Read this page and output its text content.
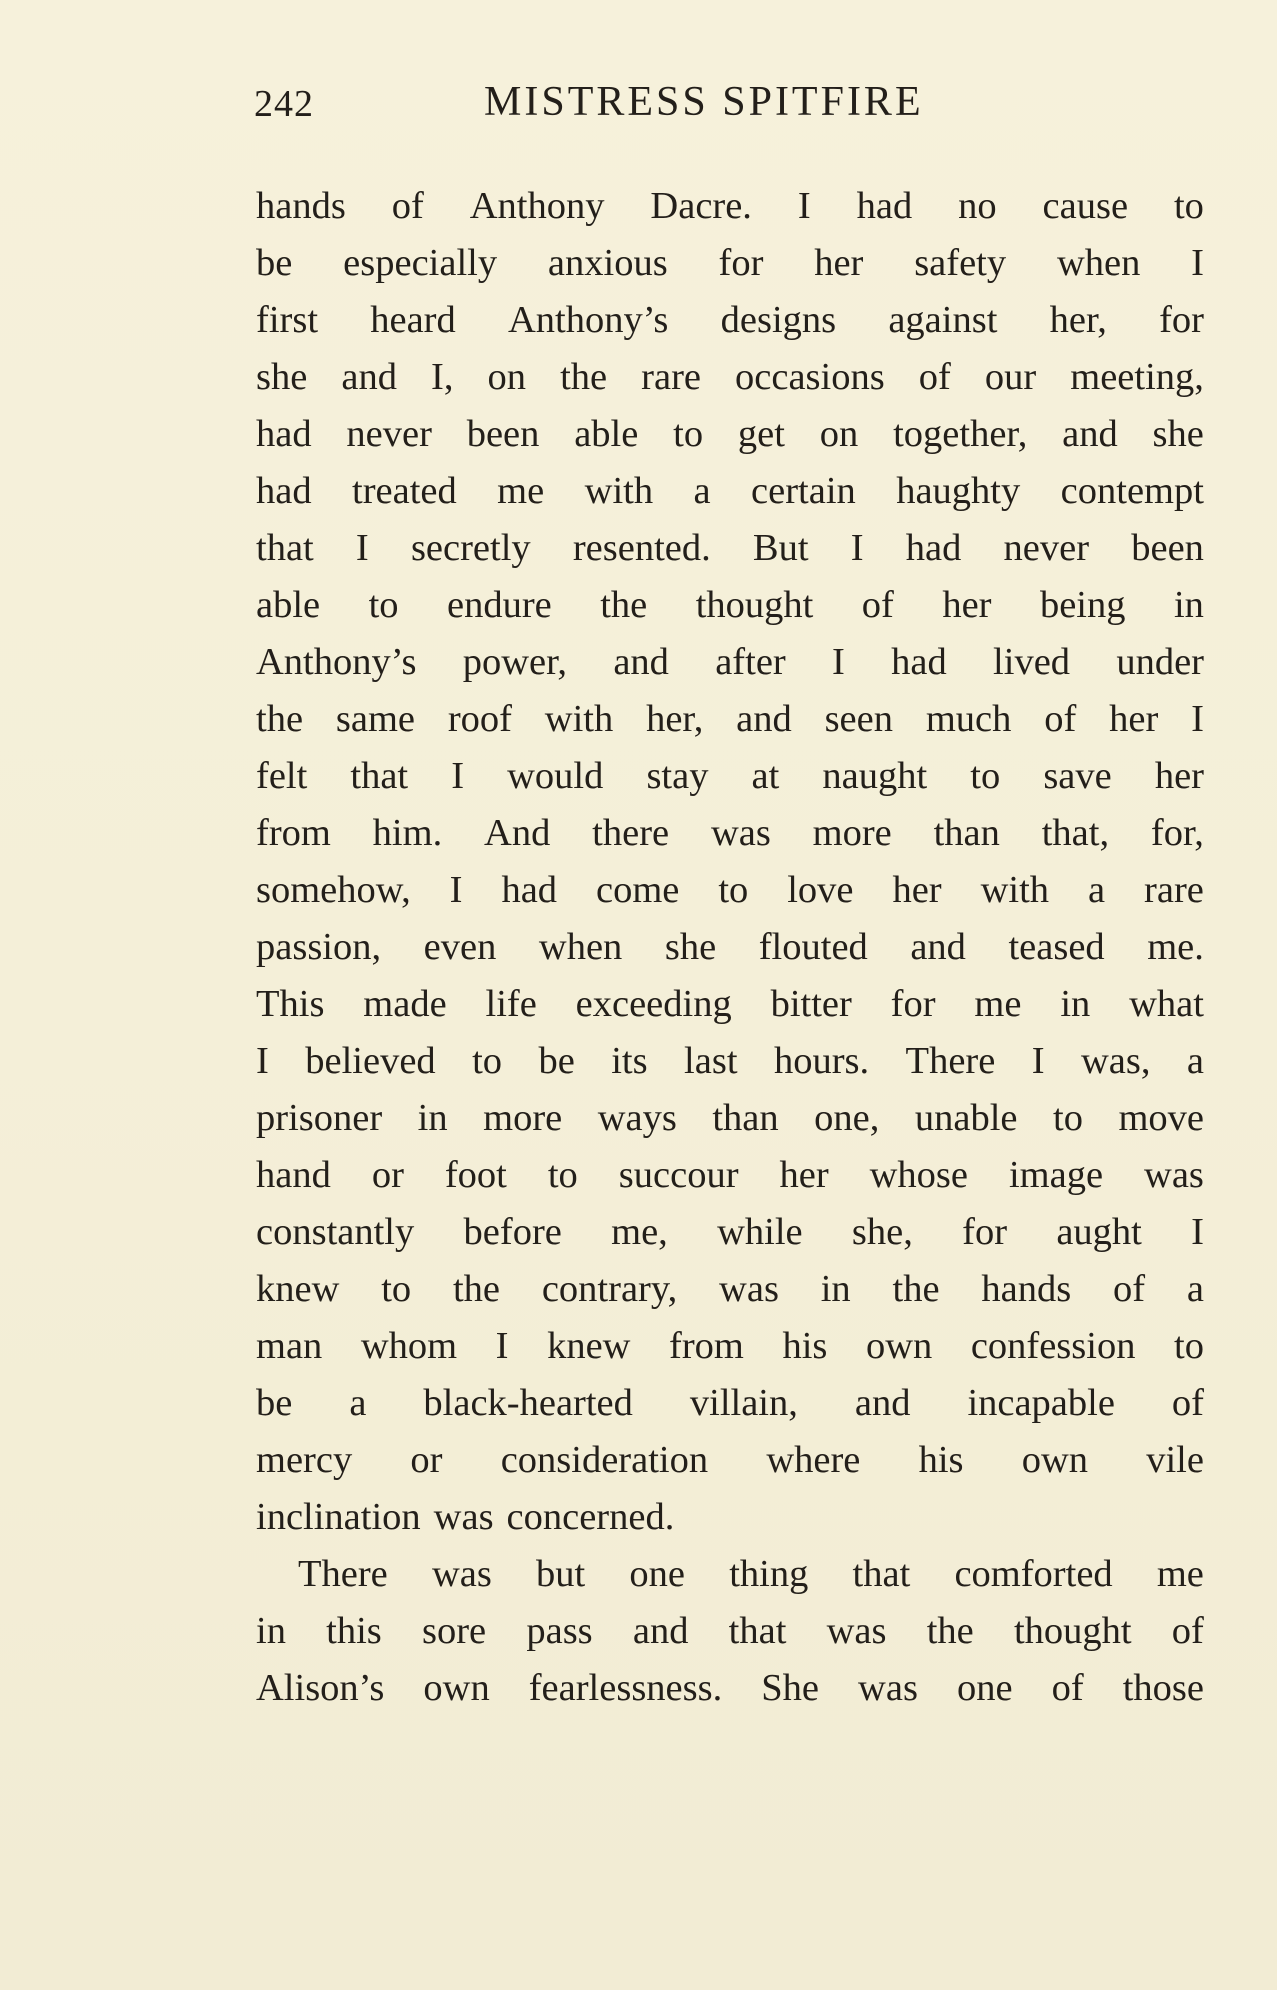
242	MISTRESS SPITFIRE
hands of Anthony Dacre. I had no cause to
be especially anxious for her safety when I
first heard Anthony’s designs against her, for
she and I, on the rare occasions of our meeting,
had never been able to get on together, and she
had treated me with a certain haughty contempt
that I secretly resented. But I had never been
able to endure the thought of her being in
Anthony’s power, and after I had lived under
the same roof with her, and seen much of her I
felt that I would stay at naught to save her
from him. And there was more than that, for,
somehow, I had come to love her with a rare
passion, even when she flouted and teased me.
This made life exceeding bitter for me in what
I believed to be its last hours. There I was, a
prisoner in more ways than one, unable to move
hand or foot to succour her whose image was
constantly before me, while she, for aught I
knew to the contrary, was in the hands of a
man whom I knew from his own confession to
be a black-hearted villain, and incapable of
mercy or consideration where his own vile
inclination was concerned.
There was but one thing that comforted me
in this sore pass and that was the thought of
Alison’s own fearlessness. She was one of those
